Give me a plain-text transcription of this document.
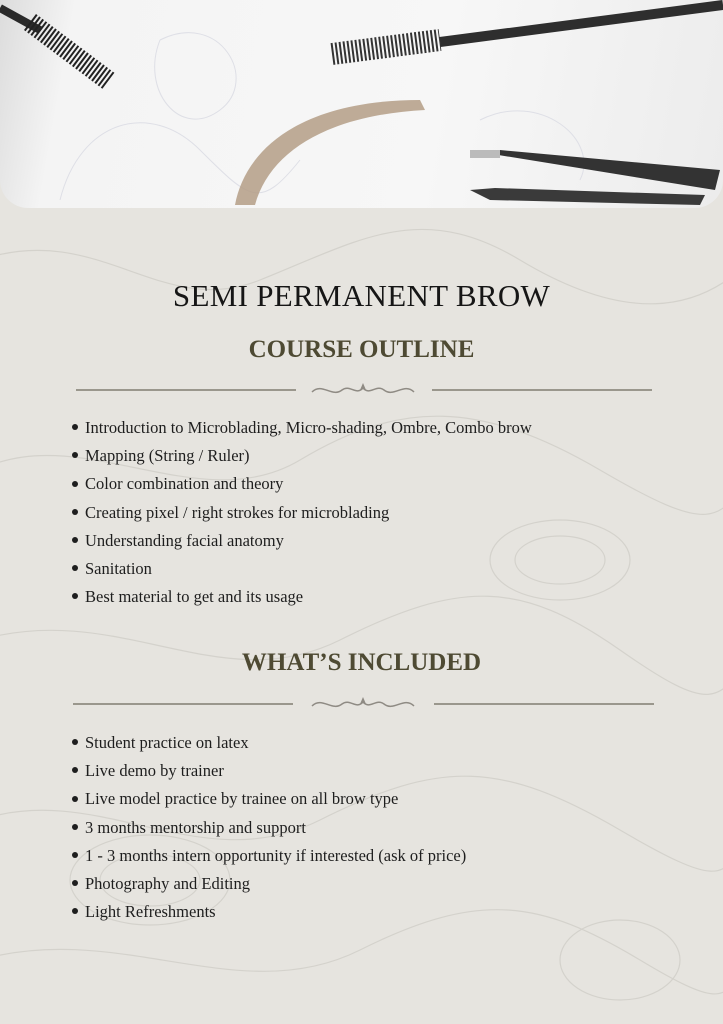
SEMI PERMANENT BROW
COURSE OUTLINE
Introduction to Microblading, Micro-shading, Ombre, Combo brow
Mapping (String / Ruler)
Color combination and theory
Creating pixel / right strokes for microblading
Understanding facial anatomy
Sanitation
Best material to get and its usage
WHAT’S INCLUDED
Student practice on latex
Live demo by trainer
Live model practice by trainee on all brow type
3 months mentorship and support
1 - 3 months intern opportunity if interested (ask of price)
Photography and Editing
Light Refreshments
